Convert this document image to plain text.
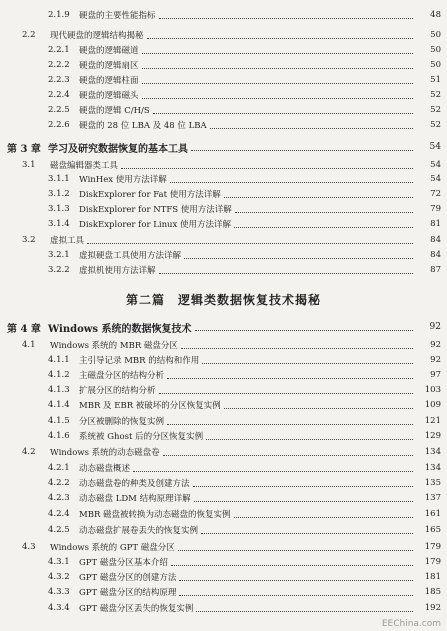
2.1.9 硬盘的主要性能指标	48
2.2 现代硬盘的逻辑结构揭秘	50
2.2.1 硬盘的逻辑磁道	50
2.2.2 硬盘的逻辑扇区	50
2.2.3 硬盘的逻辑柱面	51
2.2.4 硬盘的逻辑磁头	52
2.2.5 硬盘的逻辑 C/H/S	52
2.2.6 硬盘的 28 位 LBA 及 48 位 LBA	52
第 3 章 学习及研究数据恢复的基本工具	54
3.1 磁盘编辑器类工具	54
3.1.1 WinHex 使用方法详解	54
3.1.2 DiskExplorer for Fat 使用方法详解	72
3.1.3 DiskExplorer for NTFS 使用方法详解	79
3.1.4 DiskExplorer for Linux 使用方法详解	81
3.2 虚拟工具	84
3.2.1 虚拟硬盘工具使用方法详解	84
3.2.2 虚拟机使用方法详解	87
第二篇　逻辑类数据恢复技术揭秘
第 4 章 Windows 系统的数据恢复技术	92
4.1 Windows 系统的 MBR 磁盘分区	92
4.1.1 主引导记录 MBR 的结构和作用	92
4.1.2 主磁盘分区的结构分析	97
4.1.3 扩展分区的结构分析	103
4.1.4 MBR 及 EBR 被破坏的分区恢复实例	109
4.1.5 分区被删除的恢复实例	121
4.1.6 系统被 Ghost 后的分区恢复实例	129
4.2 Windows 系统的动态磁盘卷	134
4.2.1 动态磁盘概述	134
4.2.2 动态磁盘卷的种类及创建方法	135
4.2.3 动态磁盘 LDM 结构原理详解	137
4.2.4 MBR 磁盘被转换为动态磁盘的恢复实例	161
4.2.5 动态磁盘扩展卷丢失的恢复实例	165
4.3 Windows 系统的 GPT 磁盘分区	179
4.3.1 GPT 磁盘分区基本介绍	179
4.3.2 GPT 磁盘分区的创建方法	181
4.3.3 GPT 磁盘分区的结构原理	185
4.3.4 GPT 磁盘分区丢失的恢复实例	192
EEChina.com
